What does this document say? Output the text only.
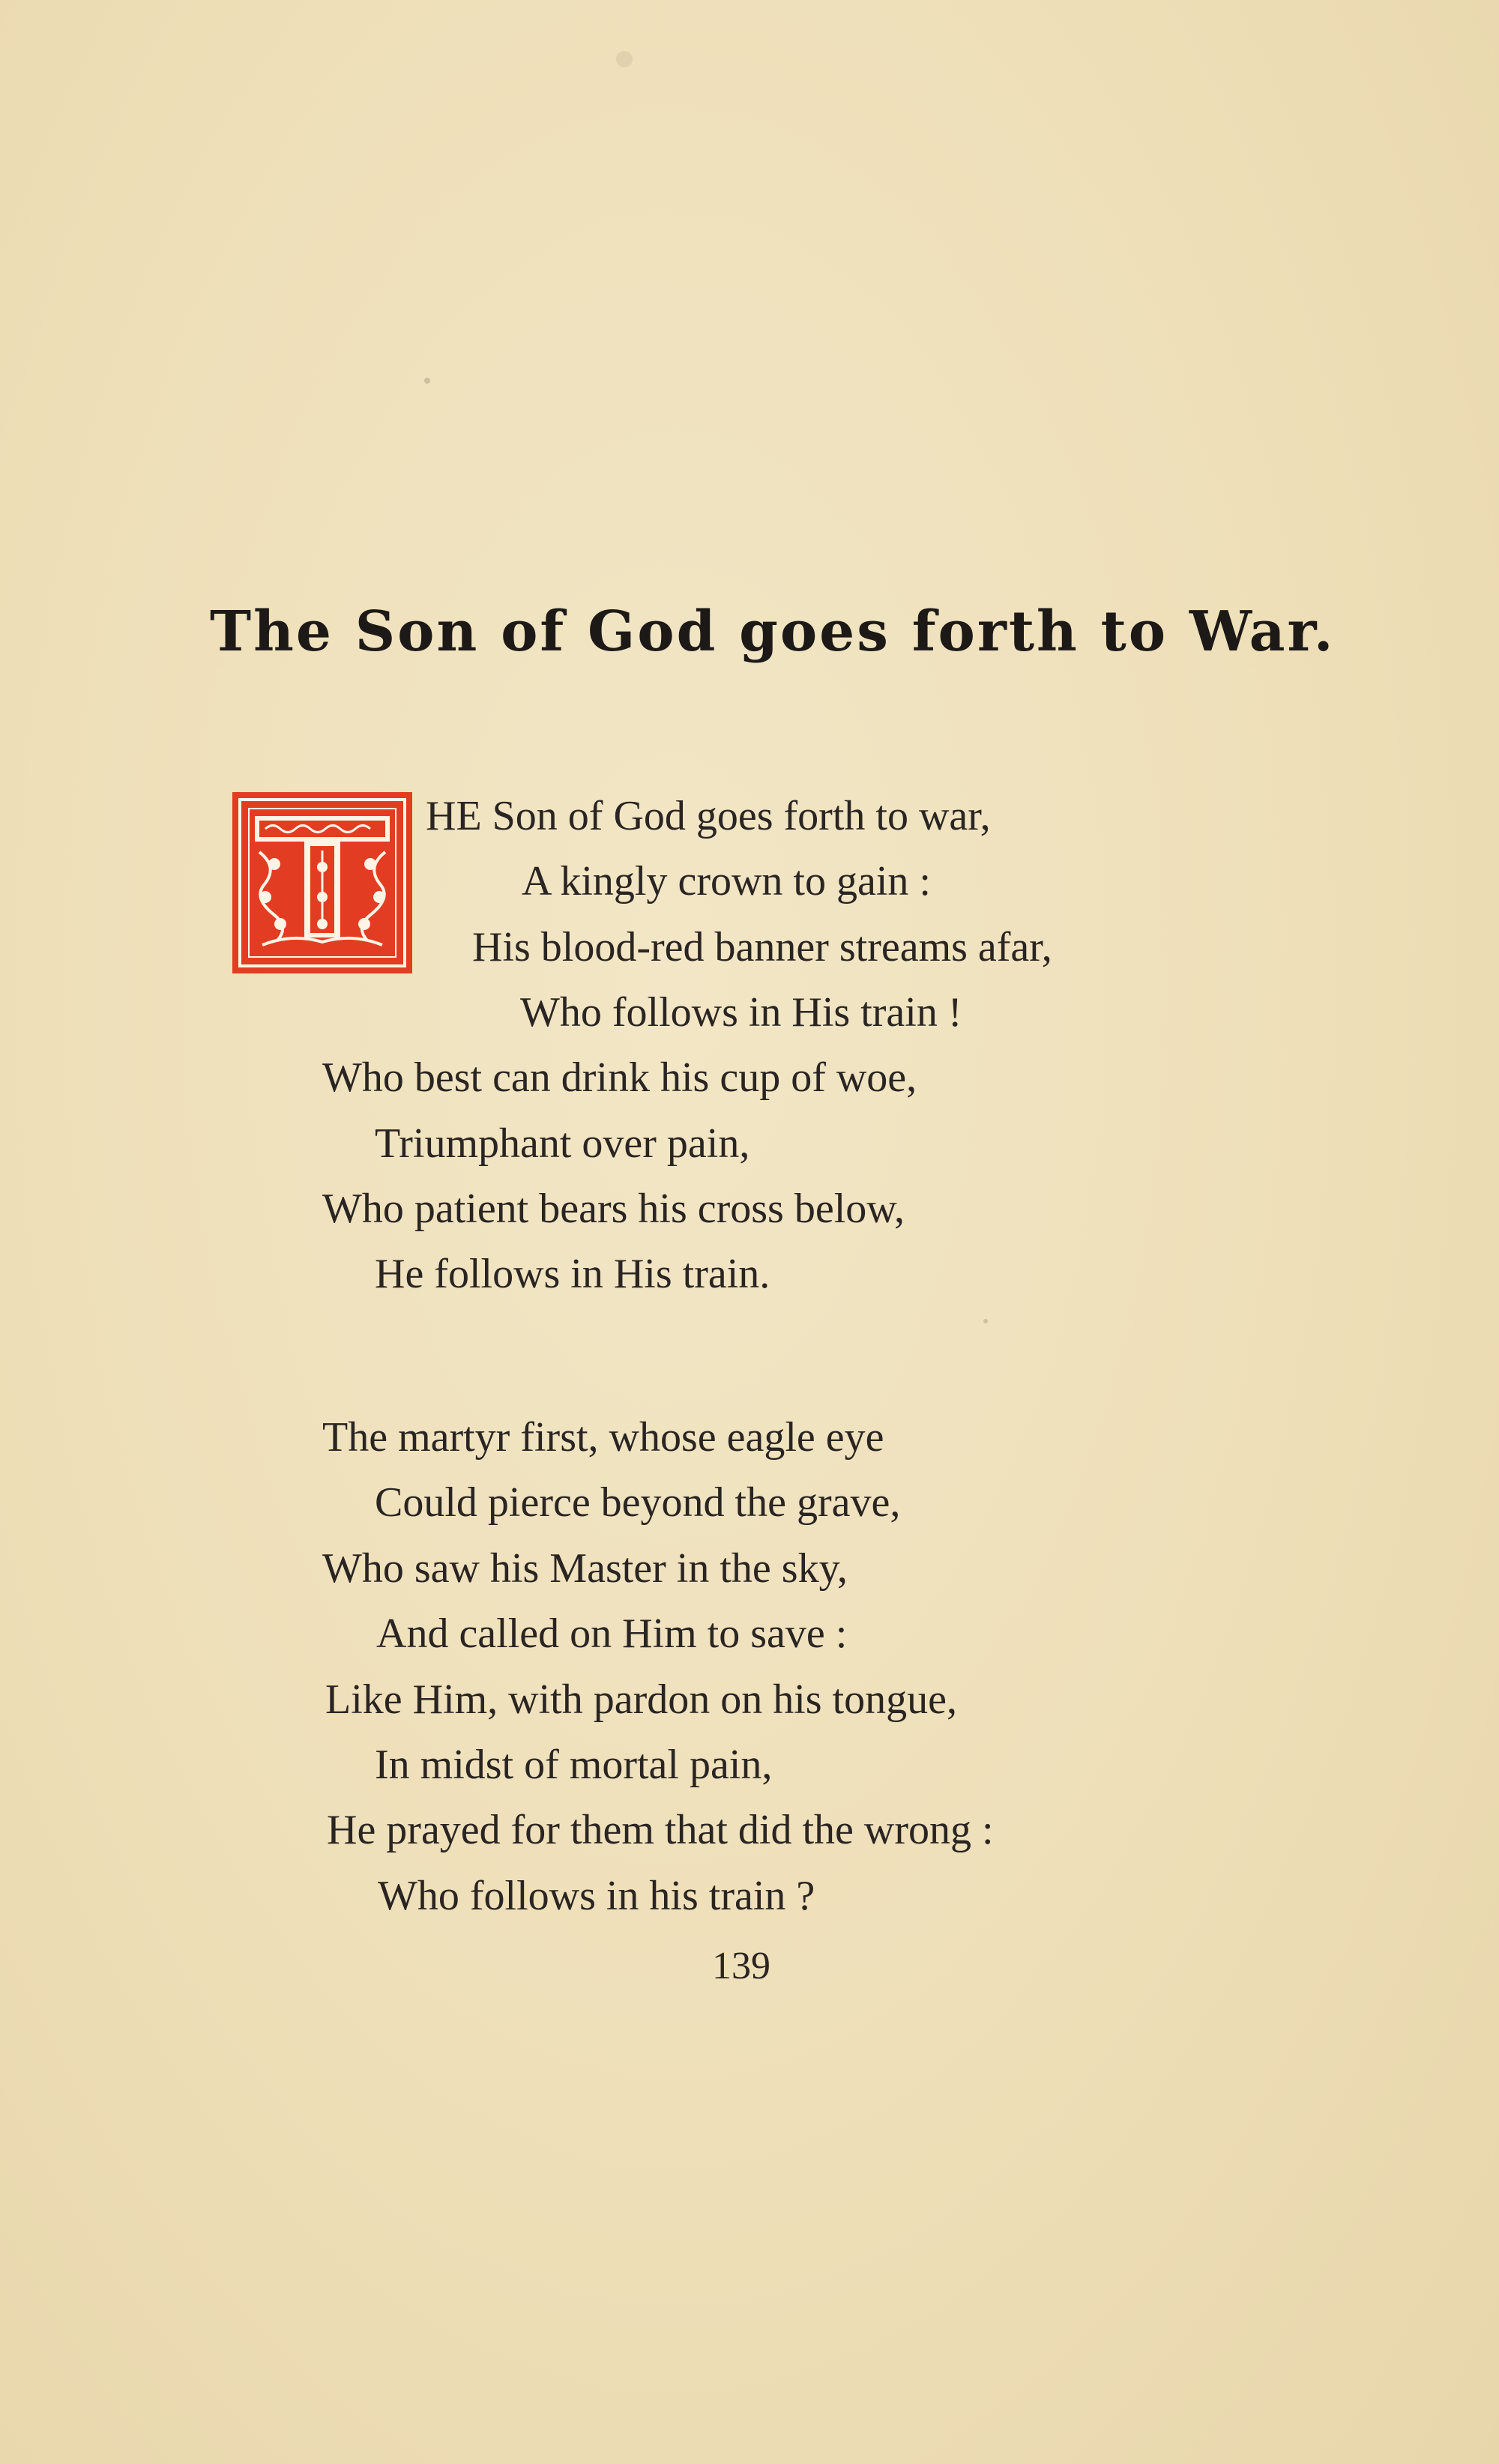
The Son of God goes forth to War.
HE Son of God goes forth to war,
A kingly crown to gain :
His blood-red banner streams afar,
Who follows in His train !
Who best can drink his cup of woe,
Triumphant over pain,
Who patient bears his cross below,
He follows in His train.
The martyr first, whose eagle eye
Could pierce beyond the grave,
Who saw his Master in the sky,
And called on Him to save :
Like Him, with pardon on his tongue,
In midst of mortal pain,
He prayed for them that did the wrong :
Who follows in his train ?
139
